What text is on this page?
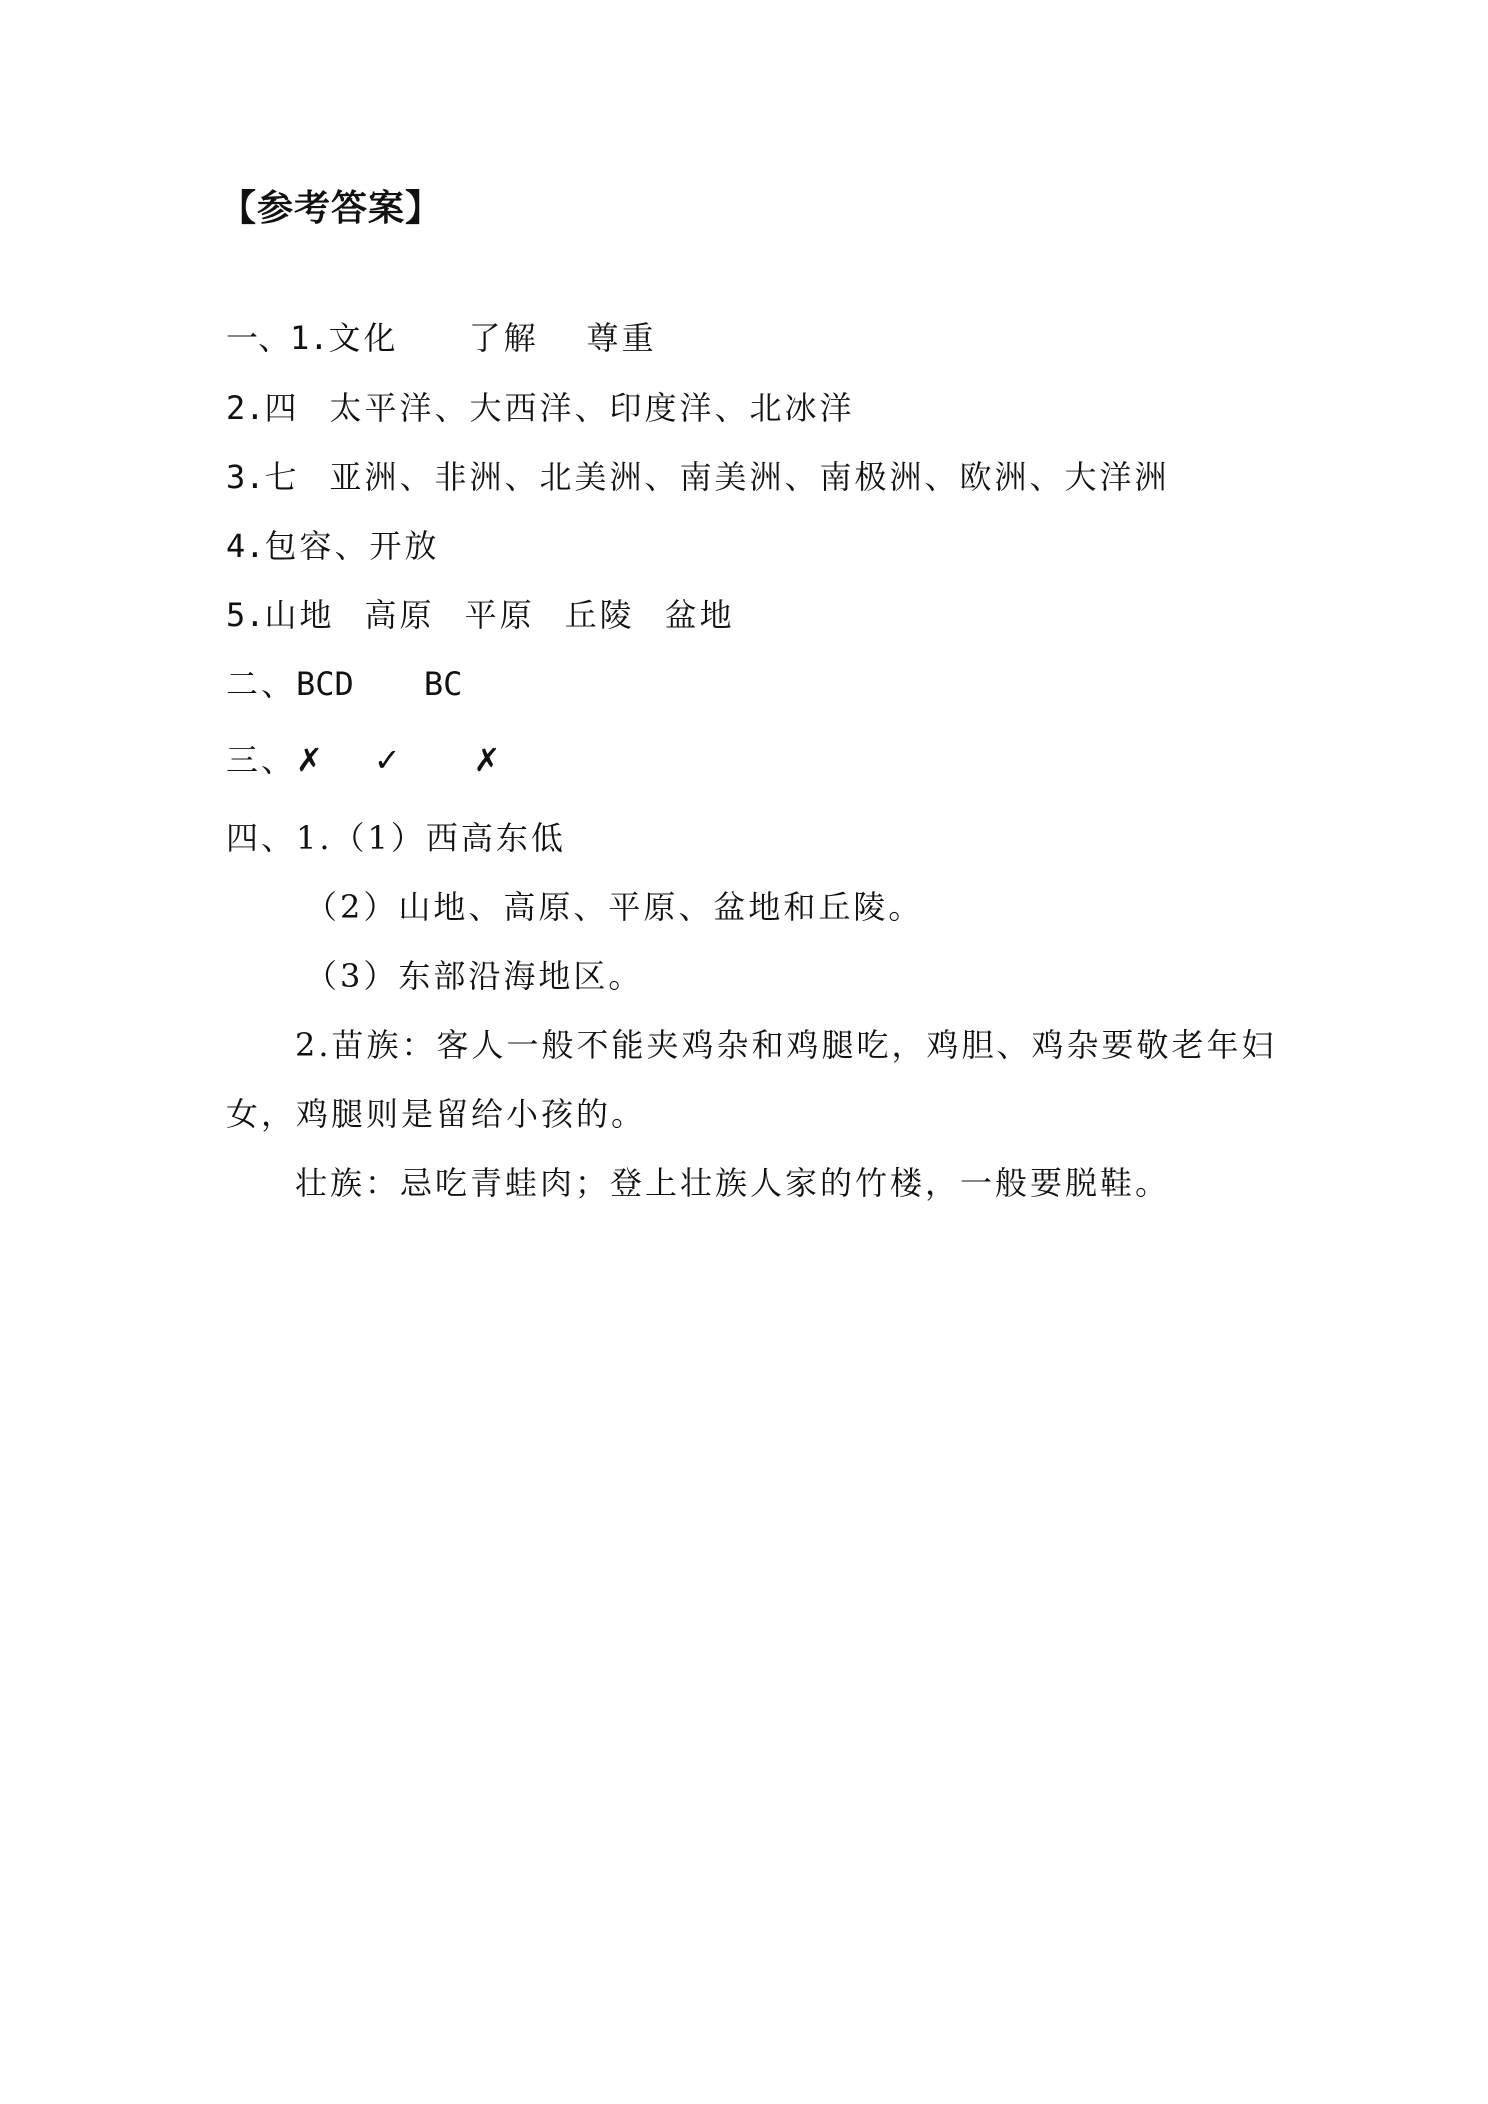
【参考答案】
一、1.文化 了解 尊重
2.四 太平洋、大西洋、印度洋、北冰洋
3.七 亚洲、非洲、北美洲、南美洲、南极洲、欧洲、大洋洲
4.包容、开放
5.山地 高原 平原 丘陵 盆地
二、BCD BC
三、✗ ✓ ✗
四、1.（1）西高东低
（2）山地、高原、平原、盆地和丘陵。
（3）东部沿海地区。
2.苗族：客人一般不能夹鸡杂和鸡腿吃，鸡胆、鸡杂要敬老年妇
女，鸡腿则是留给小孩的。
壮族：忌吃青蛙肉；登上壮族人家的竹楼，一般要脱鞋。
